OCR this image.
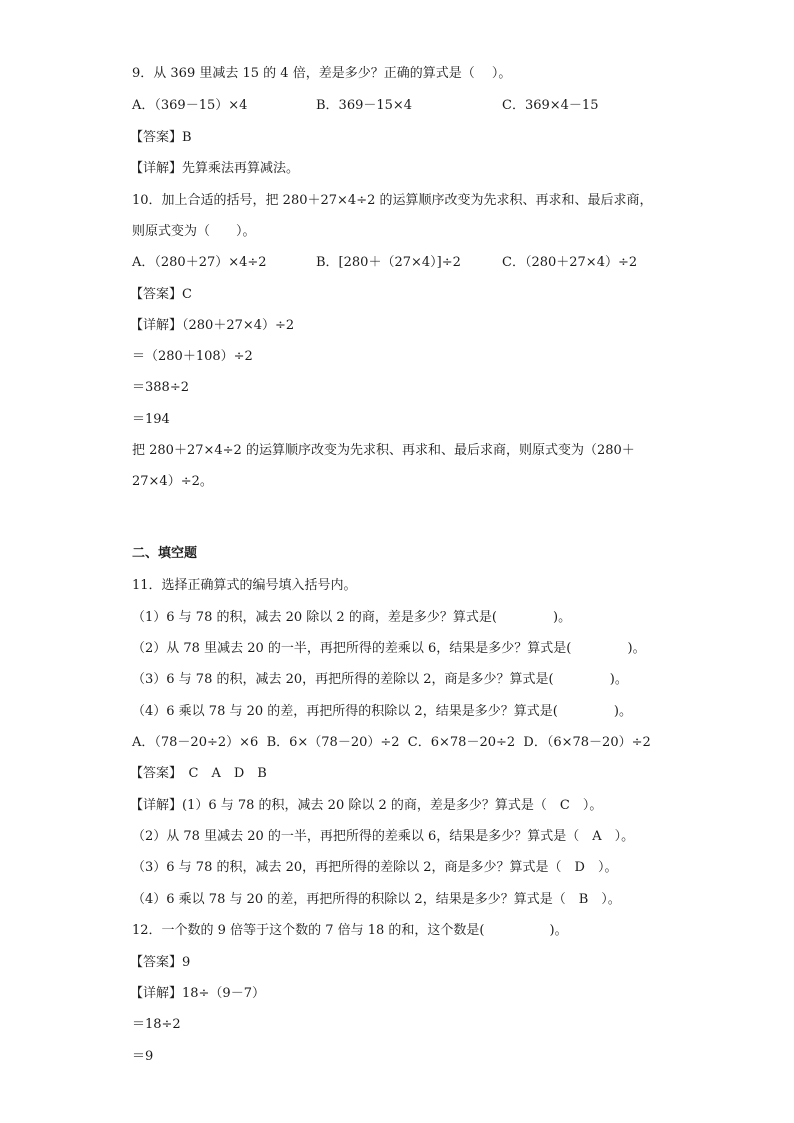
9．从 369 里减去 15 的 4 倍，差是多少？正确的算式是（　 ）。
A．（369－15）×4	B．369－15×4	C．369×4－15
【答案】B
【详解】先算乘法再算减法。
10．加上合适的括号，把 280＋27×4÷2 的运算顺序改变为先求积、再求和、最后求商，
则原式变为（　　）。
A．（280＋27）×4÷2	B．[280＋（27×4）]÷2	C．（280＋27×4）÷2
【答案】C
【详解】（280＋27×4）÷2
＝（280＋108）÷2
＝388÷2
＝194
把 280＋27×4÷2 的运算顺序改变为先求积、再求和、最后求商，则原式变为（280＋
27×4）÷2。
二、填空题
11．选择正确算式的编号填入括号内。
（1）6 与 78 的积，减去 20 除以 2 的商，差是多少？算式是(　　　　 )。
（2）从 78 里减去 20 的一半，再把所得的差乘以 6，结果是多少？算式是(　　　　 )。
（3）6 与 78 的积，减去 20，再把所得的差除以 2，商是多少？算式是(　　　　 )。
（4）6 乘以 78 与 20 的差，再把所得的积除以 2，结果是多少？算式是(　　　　 )。
A．（78－20÷2）×6  B．6×（78－20）÷2  C．6×78－20÷2  D．（6×78－20）÷2
【答案】　C　A　D　B
【详解】(1）6 与 78 的积，减去 20 除以 2 的商，差是多少？算式是（　C　）。
（2）从 78 里减去 20 的一半，再把所得的差乘以 6，结果是多少？算式是（　A　）。
（3）6 与 78 的积，减去 20，再把所得的差除以 2，商是多少？算式是（　D　）。
（4）6 乘以 78 与 20 的差，再把所得的积除以 2，结果是多少？算式是（　B　）。
12．一个数的 9 倍等于这个数的 7 倍与 18 的和，这个数是(　　　　　)。
【答案】9
【详解】18÷（9－7）
＝18÷2
＝9
